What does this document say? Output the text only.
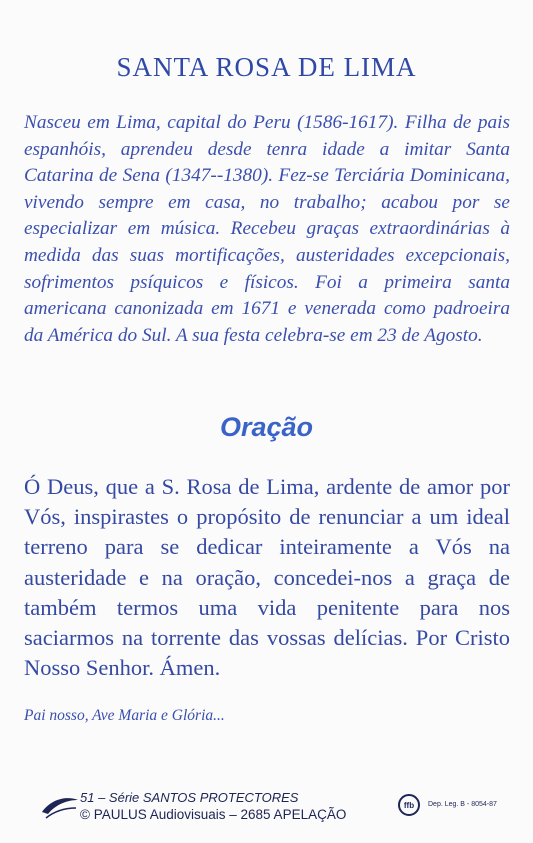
SANTA ROSA DE LIMA
Nasceu em Lima, capital do Peru (1586-1617). Filha de pais espanhóis, aprendeu desde tenra idade a imitar Santa Catarina de Sena (1347--1380). Fez-se Terciária Dominicana, vivendo sempre em casa, no trabalho; acabou por se especializar em música. Recebeu graças extraordinárias à medida das suas mortificações, austeridades excepcionais, sofrimentos psíquicos e físicos. Foi a primeira santa americana canonizada em 1671 e venerada como padroeira da América do Sul. A sua festa celebra-se em 23 de Agosto.
Oração
Ó Deus, que a S. Rosa de Lima, ardente de amor por Vós, inspirastes o propósito de renunciar a um ideal terreno para se dedicar inteiramente a Vós na austeridade e na oração, concedei-nos a graça de também termos uma vida penitente para nos saciarmos na torrente das vossas delícias. Por Cristo Nosso Senhor. Ámen.
Pai nosso, Ave Maria e Glória...
51 – Série SANTOS PROTECTORES
© PAULUS Audiovisuais – 2685 APELAÇÃO
ffb	Dep. Leg. B - 8054-87
